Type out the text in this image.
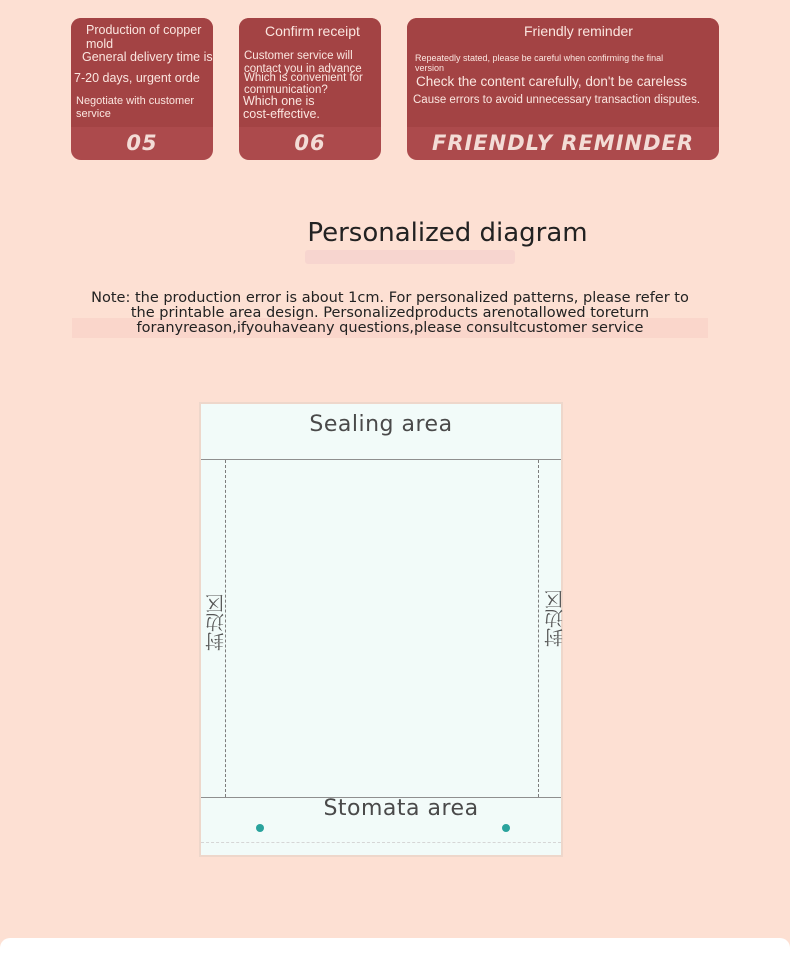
Production of copper
mold
General delivery time is
7-20 days, urgent orde
Negotiate with customer
service
05
Confirm receipt
Customer service will
contact you in advance
Which is convenient for
communication?
Which one is
cost-effective.
06
Friendly reminder
Repeatedly stated, please be careful when confirming the final
version
Check the content carefully, don't be careless
Cause errors to avoid unnecessary transaction disputes.
FRIENDLY REMINDER
Personalized diagram
Note: the production error is about 1cm. For personalized patterns, please refer to
the printable area design. Personalizedproducts arenotallowed toreturn
foranyreason,ifyouhaveany questions,please consultcustomer service
Sealing area
封边区	封边区
Stomata area
